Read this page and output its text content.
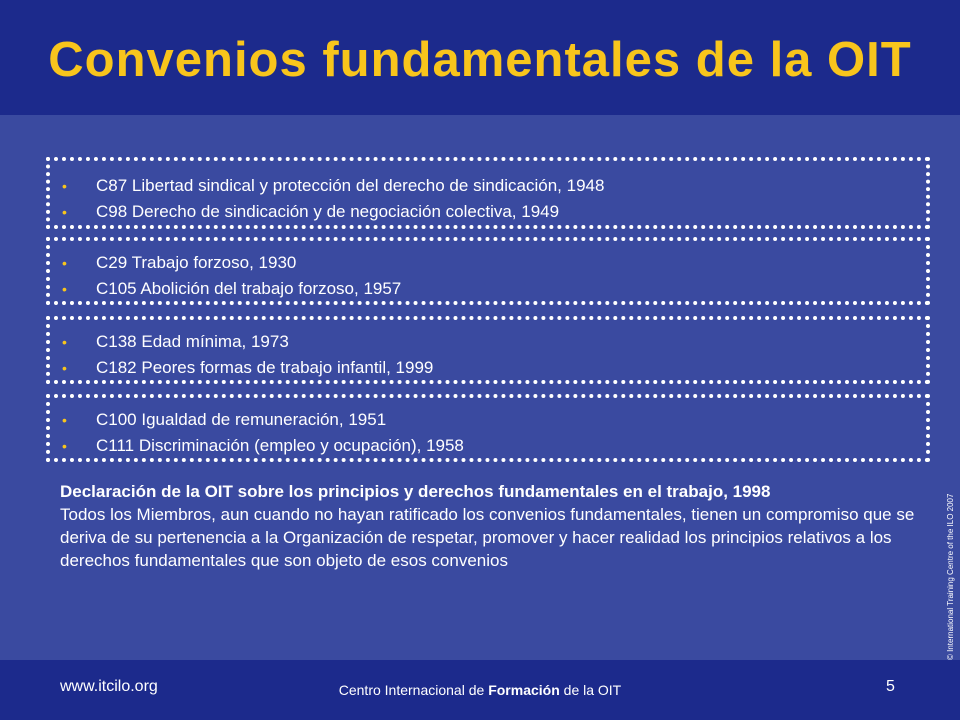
Convenios fundamentales de la OIT
• C87 Libertad sindical y protección del derecho de sindicación, 1948
• C98 Derecho de sindicación y de negociación colectiva, 1949
• C29 Trabajo forzoso, 1930
• C105 Abolición del trabajo forzoso, 1957
• C138 Edad mínima, 1973
• C182 Peores formas de trabajo infantil, 1999
• C100 Igualdad de remuneración, 1951
• C111 Discriminación (empleo y ocupación), 1958
Declaración de la OIT sobre los principios y derechos fundamentales en el trabajo, 1998
Todos los Miembros, aun cuando no hayan ratificado los convenios fundamentales, tienen un compromiso que se deriva de su pertenencia a la Organización de respetar, promover y hacer realidad los principios relativos a los derechos fundamentales que son objeto de esos convenios	© International Training Centre of the ILO 2007
www.itcilo.org	Centro Internacional de Formación de la OIT	5
